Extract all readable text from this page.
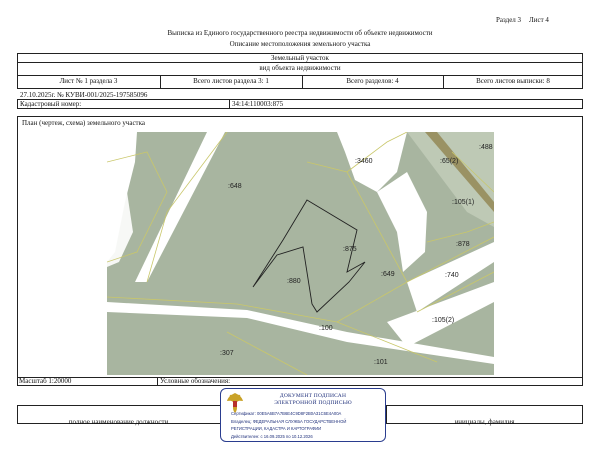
Раздел 3 Лист 4
Выписка из Единого государственного реестра недвижимости об объекте недвижимости
Описание местоположения земельного участка
Земельный участок
вид объекта недвижимости
Лист № 1 раздела 3	Всего листов раздела 3: 1	Всего разделов: 4	Всего листов выписки: 8
27.10.2025г. № КУВИ-001/2025-197585096
Кадастровый номер:	34:14:110003:875
План (чертеж, схема) земельного участка
:3460	:65(2)
:488
:105(1)
:648
:875
:878
:880
:649	:740
:105(2)
:100
:307
:101
Масштаб 1:20000	Условные обозначения:
полное наименование должности	инициалы, фамилия
ДОКУМЕНТ ПОДПИСАН
ЭЛЕКТРОННОЙ ПОДПИСЬЮ
Сертификат: 00E5A6B7A7B6E4C9D8F2B0A31C6E4A00A
Владелец: ФЕДЕРАЛЬНАЯ СЛУЖБА ГОСУДАРСТВЕННОЙ
РЕГИСТРАЦИИ, КАДАСТРА И КАРТОГРАФИИ
Действителен: с 16.09.2025 по 10.12.2026
